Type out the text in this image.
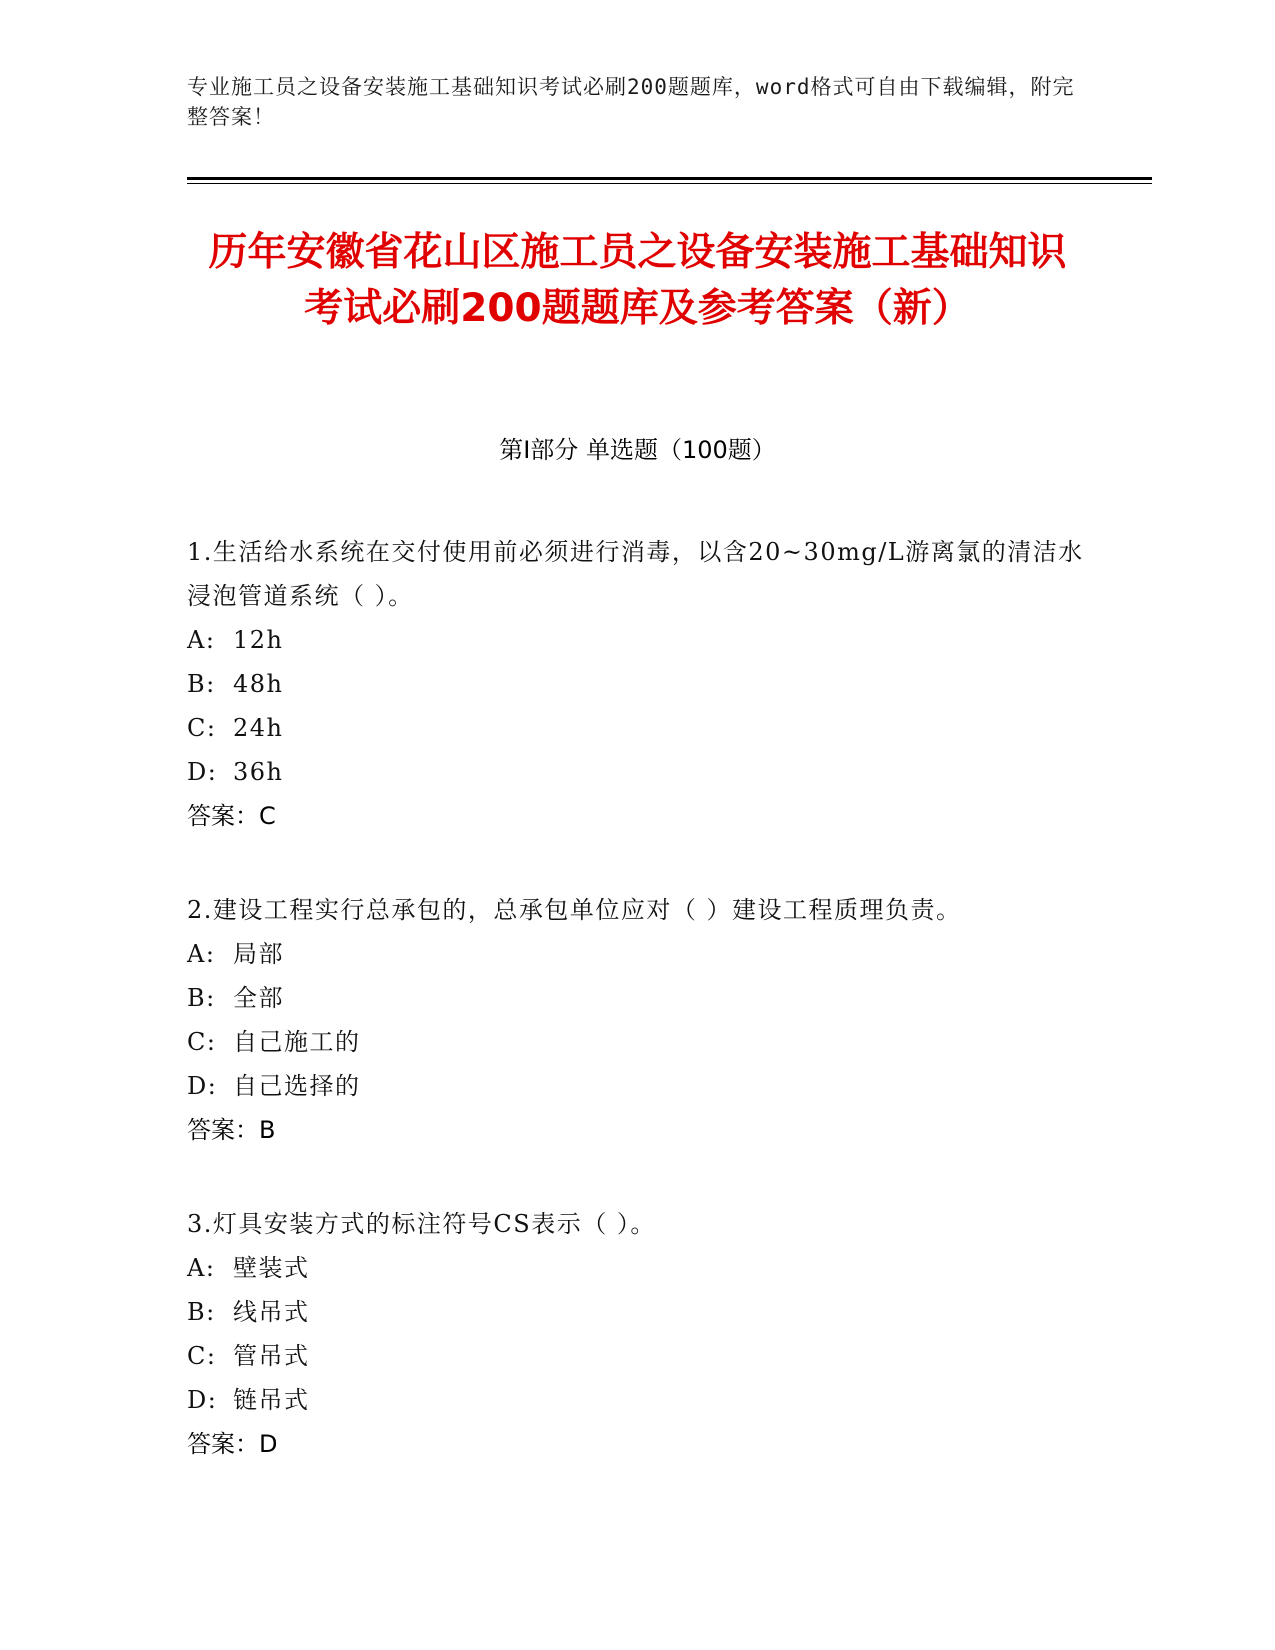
专业施工员之设备安装施工基础知识考试必刷200题题库，word格式可自由下载编辑，附完整答案！
历年安徽省花山区施工员之设备安装施工基础知识考试必刷200题题库及参考答案（新）
第Ⅰ部分 单选题（100题）
1.生活给水系统在交付使用前必须进行消毒，以含20~30mg/L游离氯的清洁水浸泡管道系统（ ）。
A: 12h
B: 48h
C: 24h
D: 36h
答案：C
2.建设工程实行总承包的，总承包单位应对（ ）建设工程质理负责。
A: 局部
B: 全部
C: 自己施工的
D: 自己选择的
答案：B
3.灯具安装方式的标注符号CS表示（ ）。
A: 壁装式
B: 线吊式
C: 管吊式
D: 链吊式
答案：D
